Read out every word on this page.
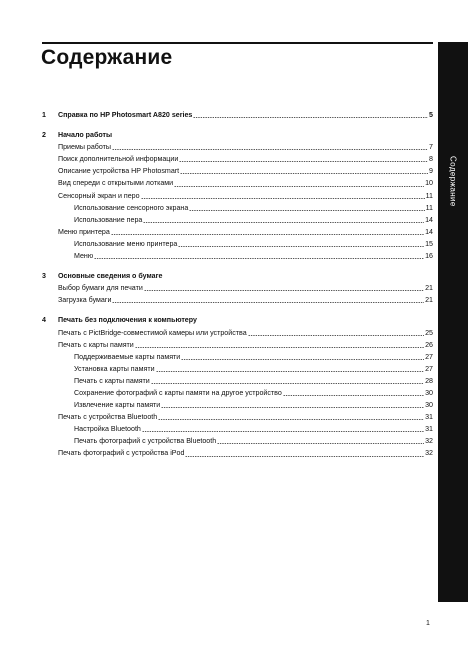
Содержание
Содержание
1	Справка по HP Photosmart A820 series	5
2	Начало работы
Приемы работы	7
Поиск дополнительной информации	8
Описание устройства HP Photosmart	9
Вид спереди с открытыми лотками	10
Сенсорный экран и перо	11
Использование сенсорного экрана	11
Использование пера	14
Меню принтера	14
Использование меню принтера	15
Меню	16
3	Основные сведения о бумаге
Выбор бумаги для печати	21
Загрузка бумаги	21
4	Печать без подключения к компьютеру
Печать с PictBridge-совместимой камеры или устройства	25
Печать с карты памяти	26
Поддерживаемые карты памяти	27
Установка карты памяти	27
Печать с карты памяти	28
Сохранение фотографий с карты памяти на другое устройство	30
Извлечение карты памяти	30
Печать с устройства Bluetooth	31
Настройка Bluetooth	31
Печать фотографий с устройства Bluetooth	32
Печать фотографий с устройства iPod	32
1
